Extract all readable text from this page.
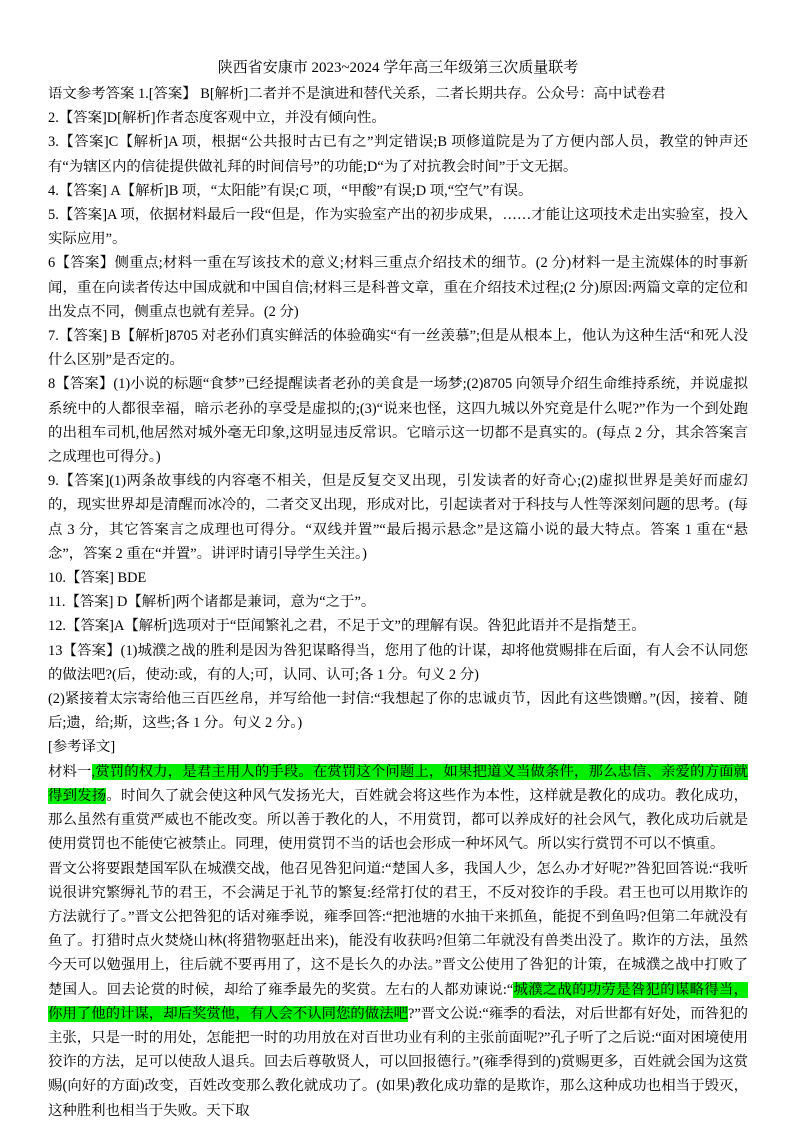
陕西省安康市 2023~2024 学年高三年级第三次质量联考

语文参考答案 1.[答案】 B[解析]二者并不是演进和替代关系，二者长期共存。公众号：高中试卷君

2.【答案]D[解析]作者态度客观中立，并没有倾向性。

3.【答案]C【解析]A 项，根据“公共报时古已有之”判定错误;B 项修道院是为了方便内部人员，教堂的钟声还有“为辖区内的信徒提供做礼拜的时间信号”的功能;D“为了对抗教会时间”于文无据。

4.【答案] A【解析]B 项，“太阳能”有误;C 项，“甲酸”有误;D 项,“空气”有误。

5.【答案]A 项，依据材料最后一段“但是，作为实验室产出的初步成果，……才能让这项技术走出实验室，投入实际应用”。

6【答案】侧重点;材料一重在写该技术的意义;材料三重点介绍技术的细节。(2 分)材料一是主流媒体的时事新闻，重在向读者传达中国成就和中国自信;材料三是科普文章，重在介绍技术过程;(2 分)原因:两篇文章的定位和出发点不同，侧重点也就有差异。(2 分)

7.【答案] B【解析]8705 对老孙们真实鲜活的体验确实“有一丝羡慕”;但是从根本上，他认为这种生活“和死人没什么区别”是否定的。

8【答案】(1)小说的标题“食梦”已经提醒读者老孙的美食是一场梦;(2)8705 向领导介绍生命维持系统，并说虚拟系统中的人都很幸福，暗示老孙的享受是虚拟的;(3)“说来也怪，这四九城以外究竟是什么呢?”作为一个到处跑的出租车司机,他居然对城外毫无印象,这明显违反常识。它暗示这一切都不是真实的。(每点 2 分，其余答案言之成理也可得分。)

9.【答案](1)两条故事线的内容毫不相关，但是反复交叉出现，引发读者的好奇心;(2)虚拟世界是美好而虚幻的，现实世界却是清醒而冰冷的，二者交叉出现，形成对比，引起读者对于科技与人性等深刻问题的思考。(每点 3 分，其它答案言之成理也可得分。“双线并置”“最后揭示悬念”是这篇小说的最大特点。答案 1 重在“悬念”，答案 2 重在“并置”。讲评时请引导学生关注。)

10.【答案] BDE

11.【答案] D【解析]两个诸都是兼词，意为“之于”。

12.【答案]A【解析]选项对于“臣闻繁礼之君，不足于文”的理解有误。咎犯此语并不是指楚王。

13【答案】(1)城濮之战的胜利是因为咎犯谋略得当，您用了他的计谋，却将他赏赐排在后面，有人会不认同您的做法吧?(后，使动:或，有的人;可，认同、认可;各 1 分。句义 2 分)

(2)紧接着太宗寄给他三百匹丝帛，并写给他一封信:“我想起了你的忠诚贞节，因此有这些馈赠。”(因，接着、随后;遗，给;斯，这些;各 1 分。句义 2 分。)

[参考译文]

材料一,赏罚的权力，是君主用人的手段。在赏罚这个问题上，如果把道义当做条件，那么忠信、亲爱的方面就得到发扬。时间久了就会使这种风气发扬光大，百姓就会将这些作为本性，这样就是教化的成功。教化成功，那么虽然有重赏严威也不能改变。所以善于教化的人，不用赏罚，都可以养成好的社会风气，教化成功后就是使用赏罚也不能使它被禁止。同理，使用赏罚不当的话也会形成一种坏风气。所以实行赏罚不可以不慎重。

晋文公将要跟楚国军队在城濮交战，他召见咎犯问道:“楚国人多，我国人少，怎么办才好呢?”咎犯回答说:“我听说很讲究繁缛礼节的君王，不会满足于礼节的繁复:经常打仗的君王，不反对狡诈的手段。君王也可以用欺诈的方法就行了。”晋文公把咎犯的话对雍季说，雍季回答:“把池塘的水抽干来抓鱼，能捉不到鱼吗?但第二年就没有鱼了。打猎时点火焚烧山林(将猎物驱赶出来)，能没有收获吗?但第二年就没有兽类出没了。欺诈的方法，虽然今天可以勉强用上，往后就不要再用了，这不是长久的办法。”晋文公使用了咎犯的计策，在城濮之战中打败了楚国人。回去论赏的时候，却给了雍季最先的奖赏。左右的人都劝谏说:“城濮之战的功劳是咎犯的谋略得当，你用了他的计谋，却后奖赏他，有人会不认同您的做法吧?”晋文公说:“雍季的看法，对后世都有好处，而咎犯的主张，只是一时的用处，怎能把一时的功用放在对百世功业有利的主张前面呢?”孔子听了之后说:“面对困境使用狡诈的方法，足可以使敌人退兵。回去后尊敬贤人，可以回报德行。”(雍季得到的)赏赐更多，百姓就会国为这赏赐(向好的方面)改变，百姓改变那么教化就成功了。(如果)教化成功靠的是欺诈，那么这种成功也相当于毁灭，这种胜利也相当于失败。天下取
